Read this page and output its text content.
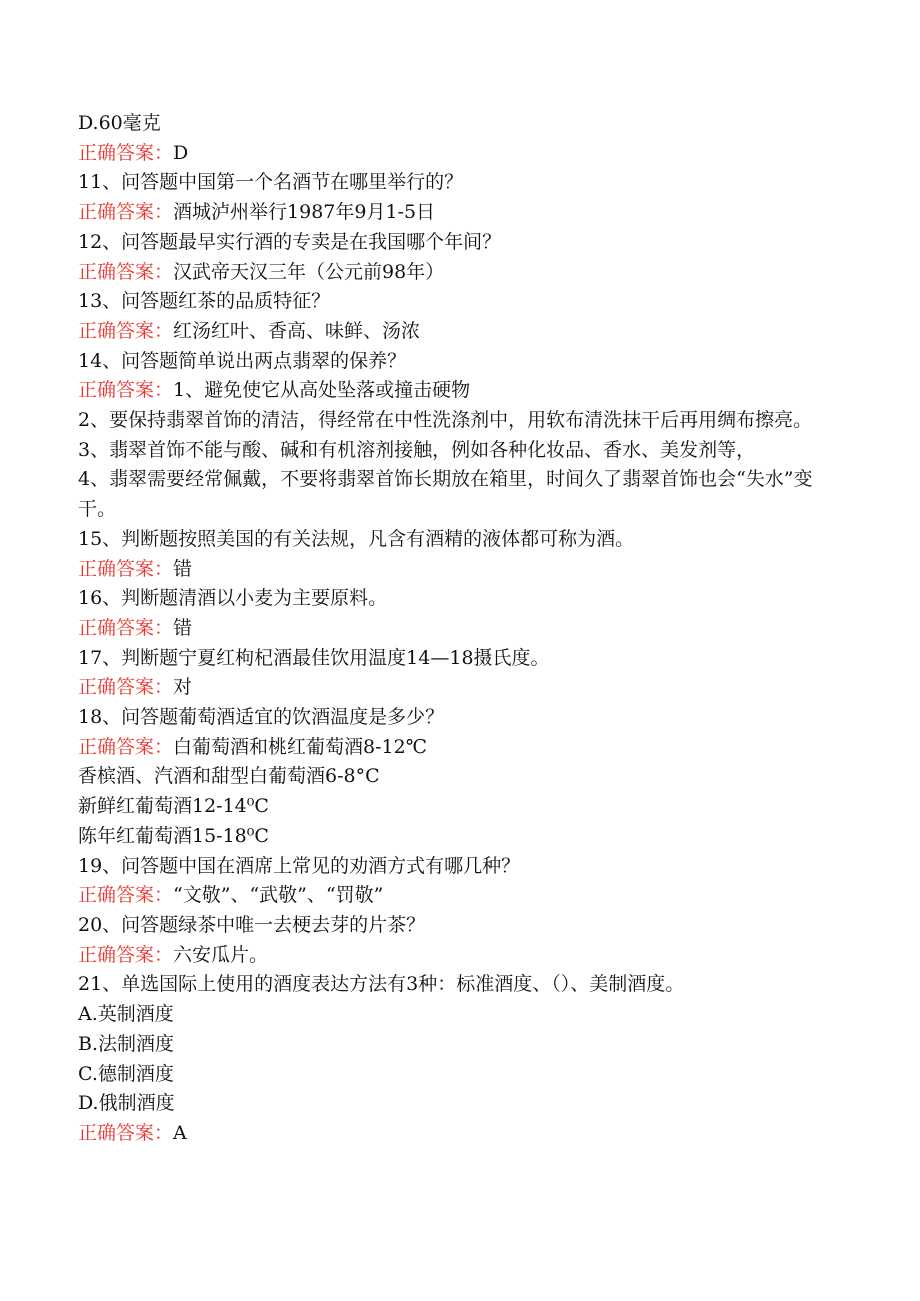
D.60毫克
正确答案：D
11、问答题中国第一个名酒节在哪里举行的？
正确答案：酒城泸州举行1987年9月1-5日
12、问答题最早实行酒的专卖是在我国哪个年间？
正确答案：汉武帝天汉三年（公元前98年）
13、问答题红茶的品质特征？
正确答案：红汤红叶、香高、味鲜、汤浓
14、问答题简单说出两点翡翠的保养？
正确答案：1、避免使它从高处坠落或撞击硬物
2、要保持翡翠首饰的清洁，得经常在中性洗涤剂中，用软布清洗抹干后再用绸布擦亮。
3、翡翠首饰不能与酸、碱和有机溶剂接触，例如各种化妆品、香水、美发剂等，
4、翡翠需要经常佩戴，不要将翡翠首饰长期放在箱里，时间久了翡翠首饰也会“失水”变干。
15、判断题按照美国的有关法规，凡含有酒精的液体都可称为酒。
正确答案：错
16、判断题清酒以小麦为主要原料。
正确答案：错
17、判断题宁夏红枸杞酒最佳饮用温度14—18摄氏度。
正确答案：对
18、问答题葡萄酒适宜的饮酒温度是多少？
正确答案：白葡萄酒和桃红葡萄酒8-12℃
香槟酒、汽酒和甜型白葡萄酒6-8°C
新鲜红葡萄酒12-14⁰C
陈年红葡萄酒15-18⁰C
19、问答题中国在酒席上常见的劝酒方式有哪几种？
正确答案：“文敬”、“武敬”、“罚敬”
20、问答题绿茶中唯一去梗去芽的片茶？
正确答案：六安瓜片。
21、单选国际上使用的酒度表达方法有3种：标准酒度、（）、美制酒度。
A.英制酒度
B.法制酒度
C.德制酒度
D.俄制酒度
正确答案：A
